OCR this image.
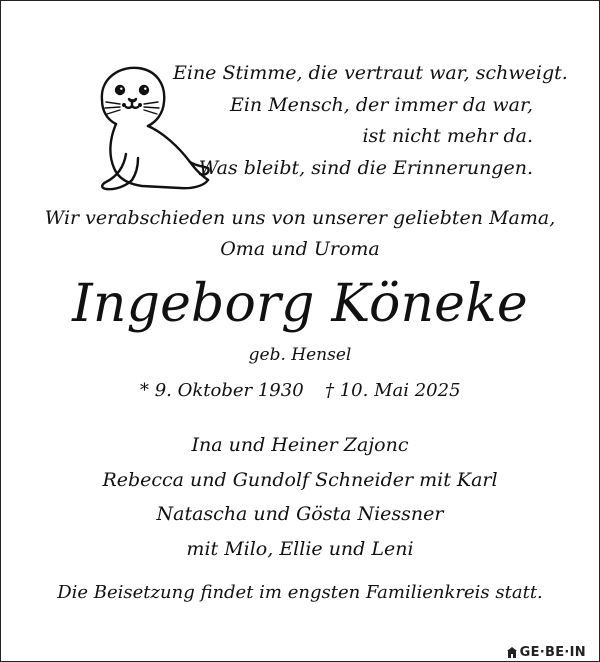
Eine Stimme, die vertraut war, schweigt.
Ein Mensch, der immer da war,
ist nicht mehr da.
Was bleibt, sind die Erinnerungen.
Wir verabschieden uns von unserer geliebten Mama,
Oma und Uroma
Ingeborg Köneke
geb. Hensel
* 9. Oktober 1930 † 10. Mai 2025
Ina und Heiner Zajonc
Rebecca und Gundolf Schneider mit Karl
Natascha und Gösta Niessner
mit Milo, Ellie und Leni
Die Beisetzung findet im engsten Familienkreis statt.
GE·BE·IN
